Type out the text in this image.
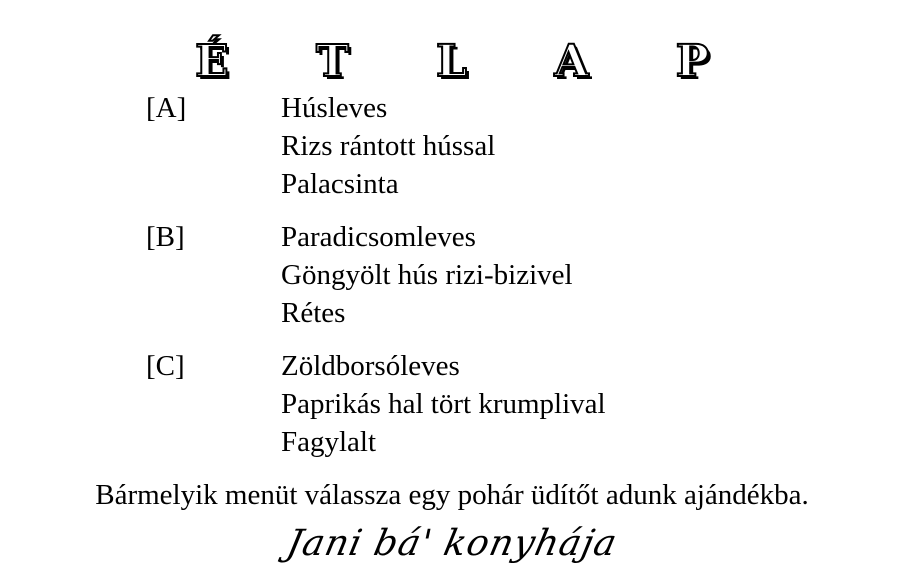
É T L A P
[A]	Húsleves
Rizs rántott hússal
Palacsinta
[B]	Paradicsomleves
Göngyölt hús rizi-bizivel
Rétes
[C]	Zöldborsóleves
Paprikás hal tört krumplival
Fagylalt
Bármelyik menüt válassza egy pohár üdítőt adunk ajándékba.
Jani bá' konyhája
